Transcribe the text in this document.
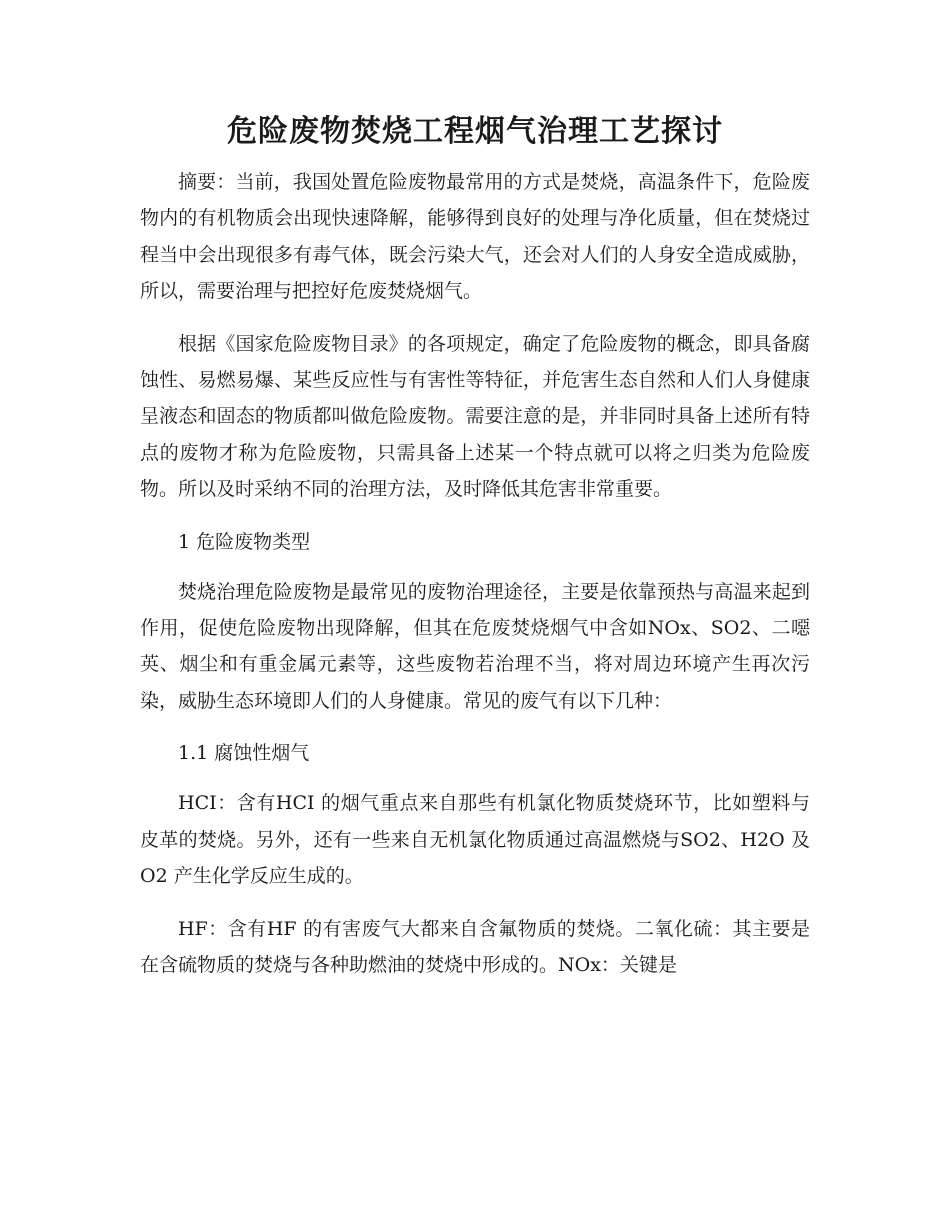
危险废物焚烧工程烟气治理工艺探讨

摘要：当前，我国处置危险废物最常用的方式是焚烧，高温条件下，危险废物内的有机物质会出现快速降解，能够得到良好的处理与净化质量，但在焚烧过程当中会出现很多有毒气体，既会污染大气，还会对人们的人身安全造成威胁，所以，需要治理与把控好危废焚烧烟气。

根据《国家危险废物目录》的各项规定，确定了危险废物的概念，即具备腐蚀性、易燃易爆、某些反应性与有害性等特征，并危害生态自然和人们人身健康呈液态和固态的物质都叫做危险废物。需要注意的是，并非同时具备上述所有特点的废物才称为危险废物，只需具备上述某一个特点就可以将之归类为危险废物。所以及时采纳不同的治理方法，及时降低其危害非常重要。

1 危险废物类型

焚烧治理危险废物是最常见的废物治理途径，主要是依靠预热与高温来起到作用，促使危险废物出现降解，但其在危废焚烧烟气中含如NOx、SO2、二噁英、烟尘和有重金属元素等，这些废物若治理不当，将对周边环境产生再次污染，威胁生态环境即人们的人身健康。常见的废气有以下几种：

1.1 腐蚀性烟气

HCI：含有HCI 的烟气重点来自那些有机氯化物质焚烧环节，比如塑料与皮革的焚烧。另外，还有一些来自无机氯化物质通过高温燃烧与SO2、H2O 及O2 产生化学反应生成的。

HF：含有HF 的有害废气大都来自含氟物质的焚烧。二氧化硫：其主要是在含硫物质的焚烧与各种助燃油的焚烧中形成的。NOx：关键是
